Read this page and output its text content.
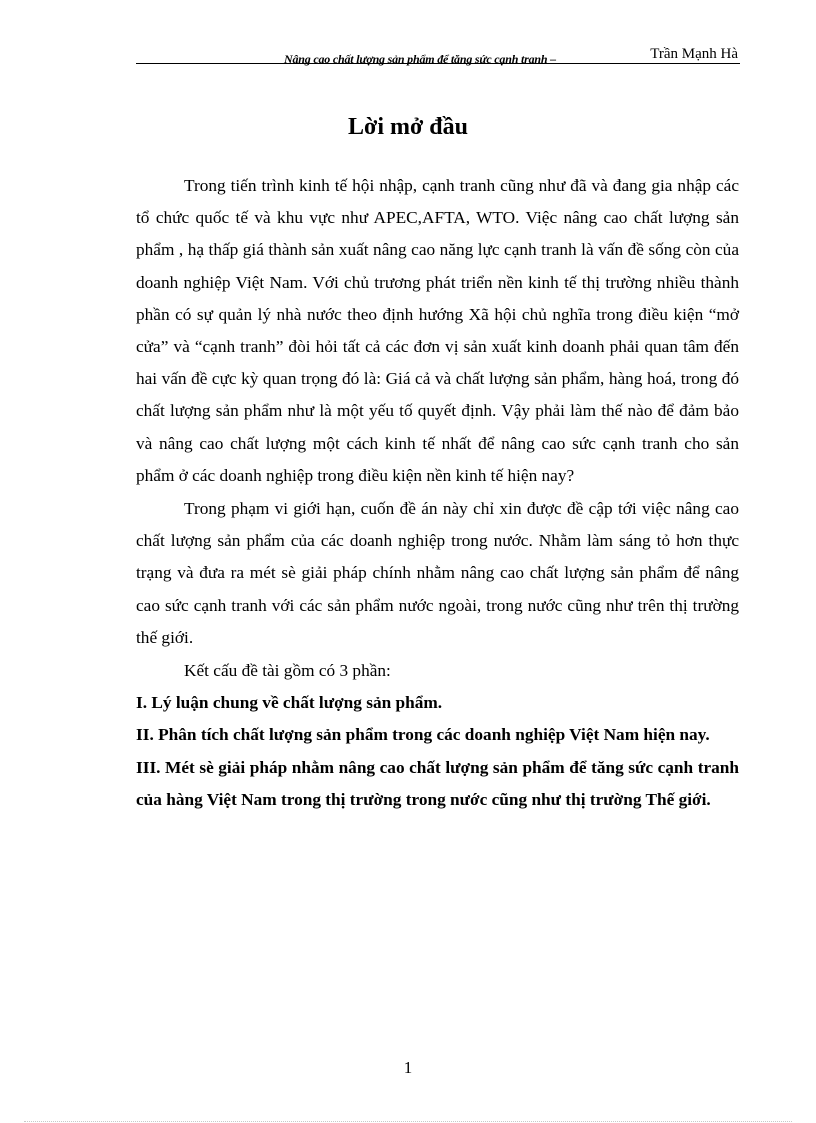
Nâng cao chất lượng sản phẩm để tăng sức cạnh tranh –	Trần Mạnh Hà
Lời mở đầu

Trong tiến trình kinh tế hội nhập, cạnh tranh cũng như đã và đang gia nhập các tổ chức quốc tế và khu vực như APEC,AFTA, WTO. Việc nâng cao chất lượng sản phẩm , hạ thấp giá thành sản xuất nâng cao năng lực cạnh tranh là vấn đề sống còn của doanh nghiệp Việt Nam. Với chủ trương phát triển nền kinh tế thị trường nhiều thành phần có sự quản lý nhà nước theo định hướng Xã hội chủ nghĩa trong điều kiện “mở cửa” và “cạnh tranh” đòi hỏi tất cả các đơn vị sản xuất kinh doanh phải quan tâm đến hai vấn đề cực kỳ quan trọng đó là: Giá cả và chất lượng sản phẩm, hàng hoá, trong đó chất lượng sản phẩm như là một yếu tố quyết định. Vậy phải làm thế nào để đảm bảo và nâng cao chất lượng một cách kinh tế nhất để nâng cao sức cạnh tranh cho sản phẩm ở các doanh nghiệp trong điều kiện nền kinh tế hiện nay?

Trong phạm vi giới hạn, cuốn đề án này chỉ xin được đề cập tới việc nâng cao chất lượng sản phẩm của các doanh nghiệp trong nước. Nhằm làm sáng tỏ hơn thực trạng và đưa ra mét sè giải pháp chính nhằm nâng cao chất lượng sản phẩm để nâng cao sức cạnh tranh với các sản phẩm nước ngoài, trong nước cũng như trên thị trường thế giới.

Kết cấu đề tài gồm có 3 phần:

I. Lý luận chung về chất lượng sản phẩm.

II. Phân tích chất lượng sản phẩm trong các doanh nghiệp Việt Nam hiện nay.

III. Mét sè giải pháp nhằm nâng cao chất lượng sản phẩm để tăng sức cạnh tranh của hàng Việt Nam trong thị trường trong nước cũng như thị trường Thế giới.

1
